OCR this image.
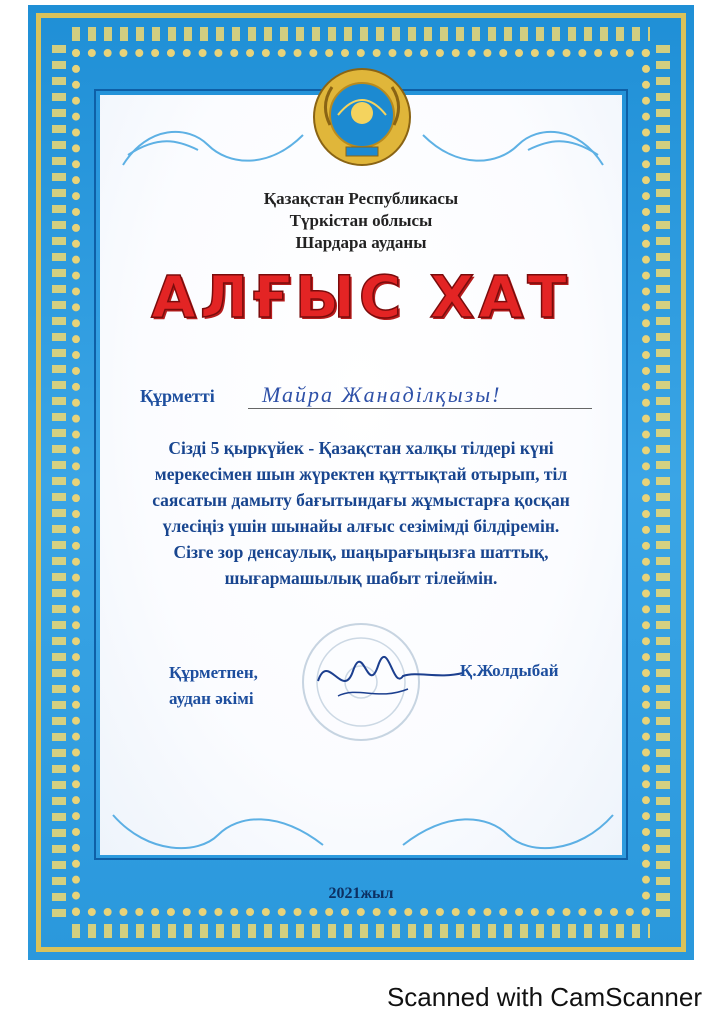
Қазақстан Республикасы
Түркістан облысы
Шардара ауданы
АЛҒЫС ХАТ
Құрметті	Майра Жанаділқызы!
Сізді 5 қыркүйек - Қазақстан халқы тілдері күні
мерекесімен шын жүректен құттықтай отырып, тіл
саясатын дамыту бағытындағы жұмыстарға қосқан
үлесіңіз үшін шынайы алғыс сезімімді білдіремін.
Сізге зор денсаулық, шаңырағыңызға шаттық,
шығармашылық шабыт тілеймін.
Құрметпен,
аудан әкімі
Қ.Жолдыбай
2021жыл
Scanned with CamScanner
